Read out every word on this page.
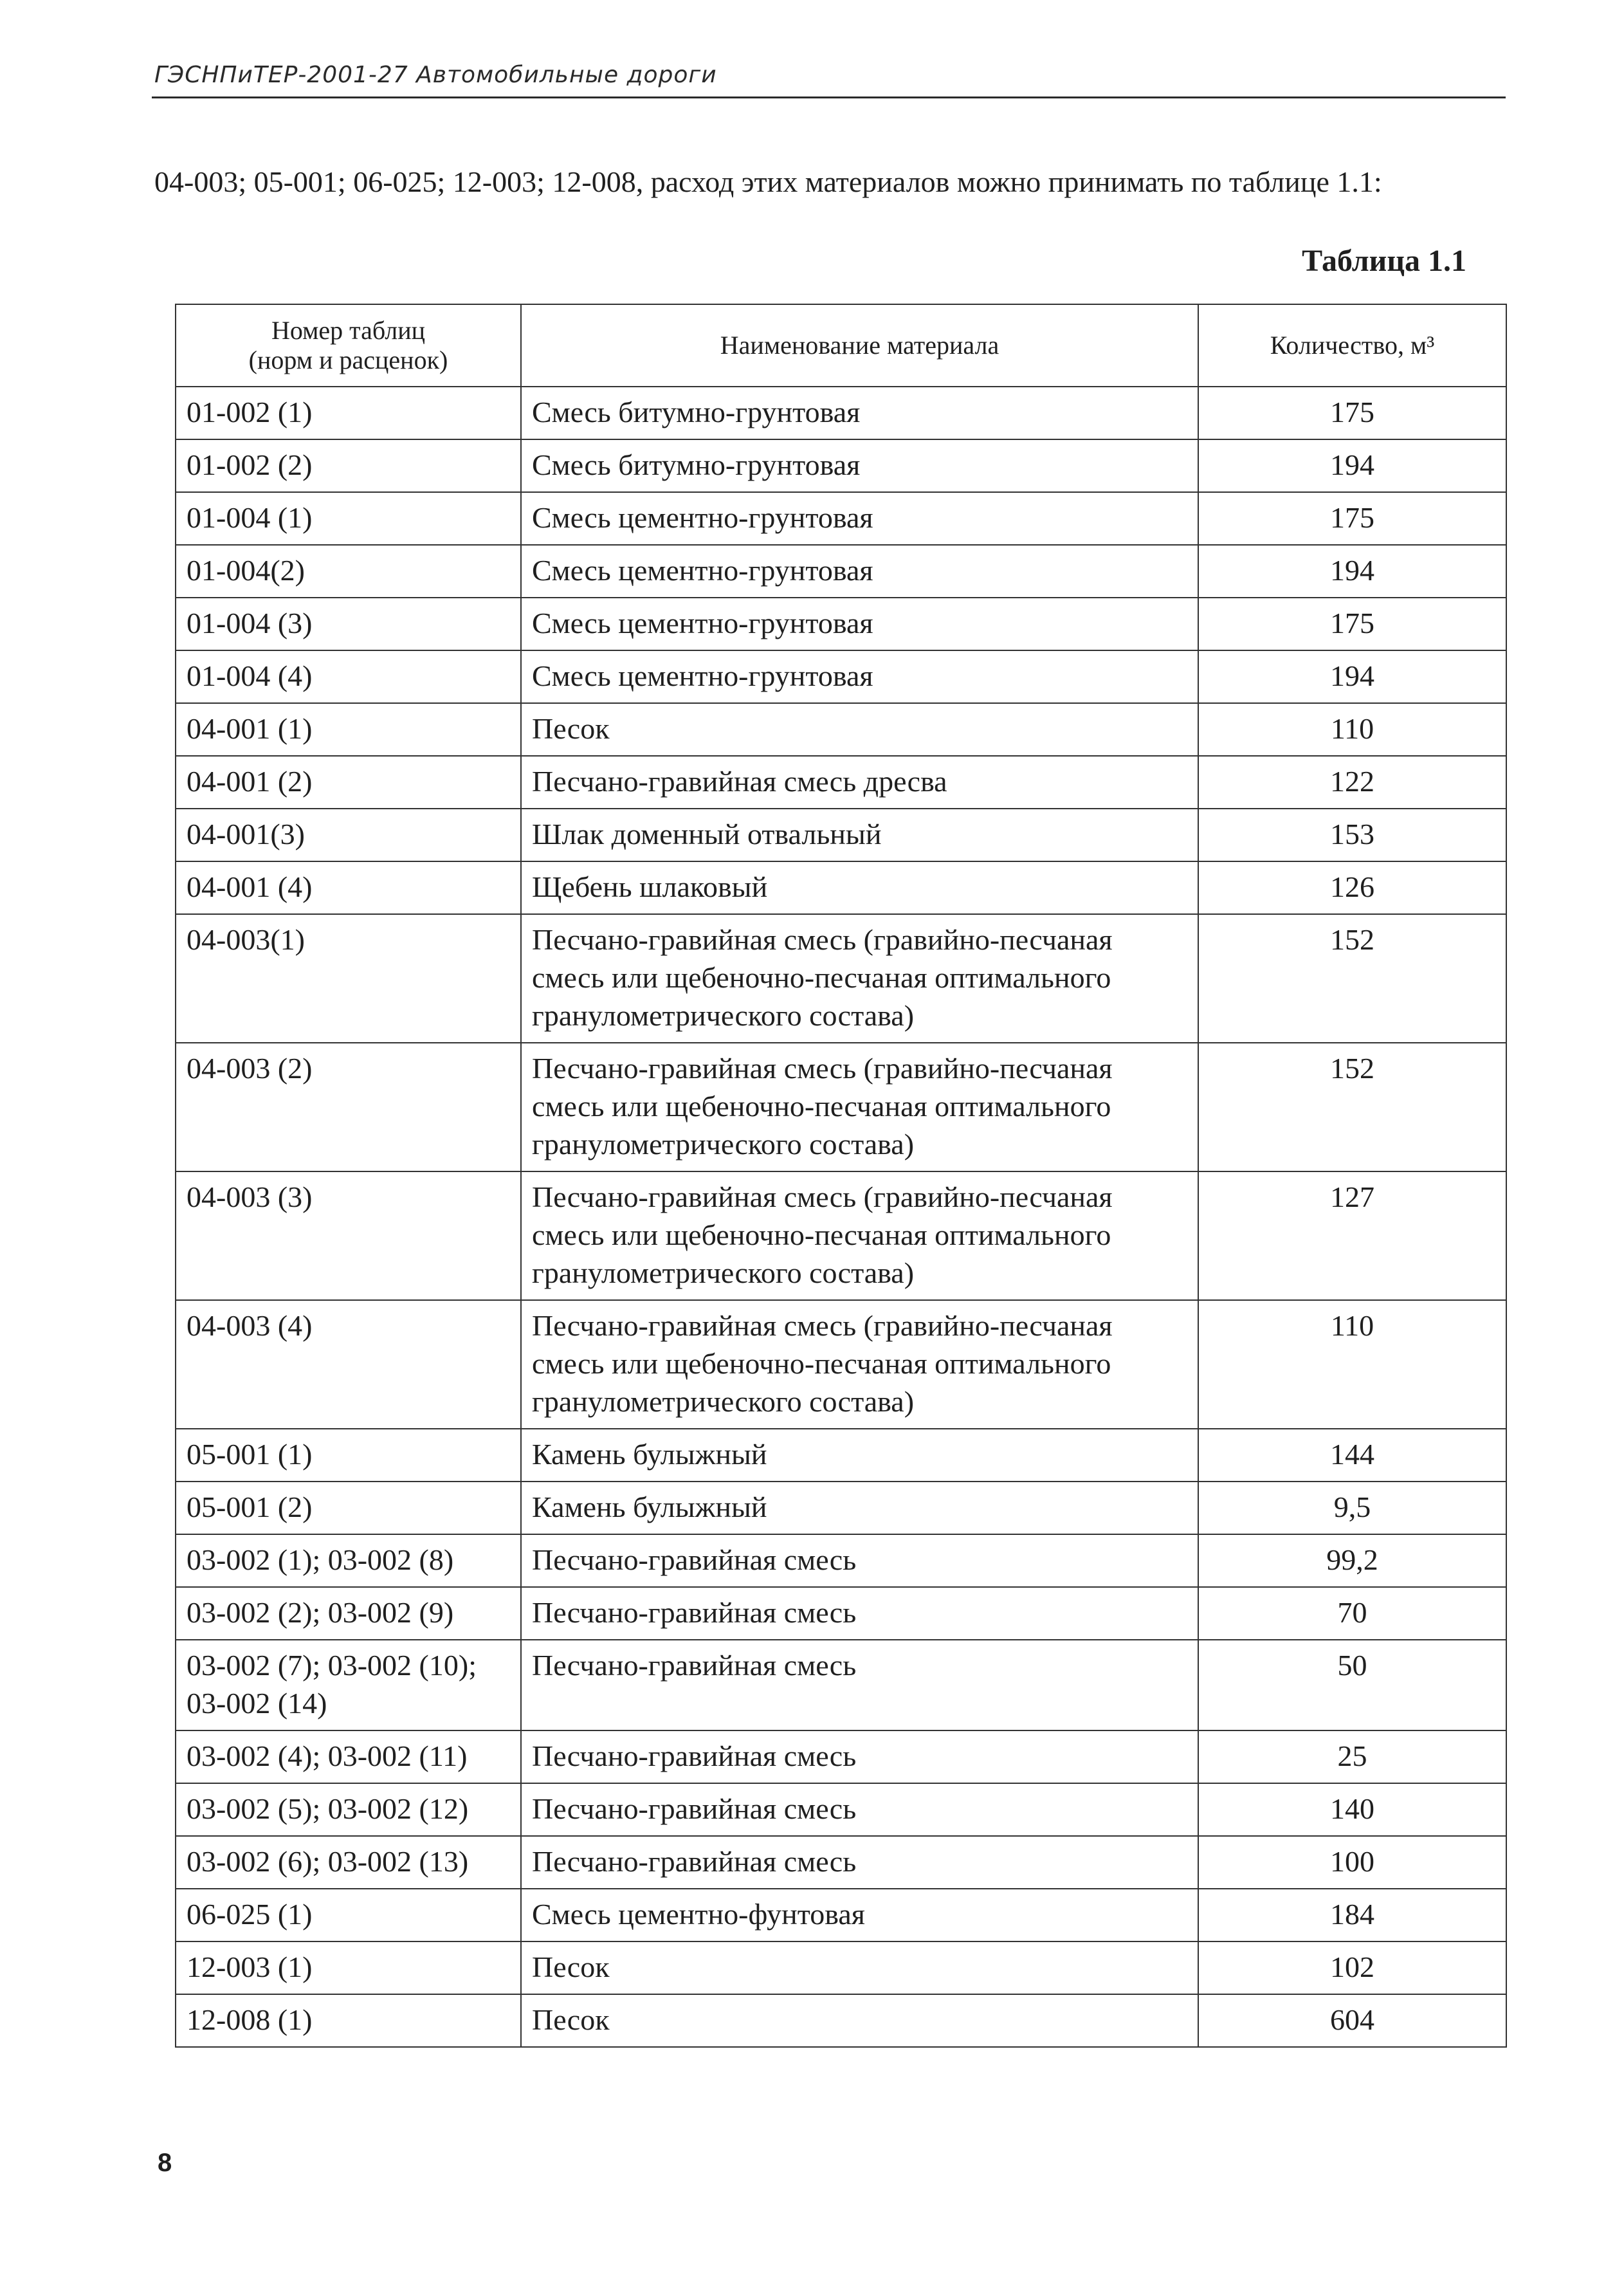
ГЭСНПиТЕР-2001-27 Автомобильные дороги

04-003; 05-001; 06-025; 12-003; 12-008, расход этих материалов можно принимать по таблице 1.1:

Таблица 1.1
Номер таблиц
(норм и расценок)	Наименование материала	Количество, м³
01-002 (1)	Смесь битумно-грунтовая	175
01-002 (2)	Смесь битумно-грунтовая	194
01-004 (1)	Смесь цементно-грунтовая	175
01-004(2)	Смесь цементно-грунтовая	194
01-004 (3)	Смесь цементно-грунтовая	175
01-004 (4)	Смесь цементно-грунтовая	194
04-001 (1)	Песок	110
04-001 (2)	Песчано-гравийная смесь дресва	122
04-001(3)	Шлак доменный отвальный	153
04-001 (4)	Щебень шлаковый	126
04-003(1)	Песчано-гравийная смесь (гравийно-песчаная смесь или щебеночно-песчаная оптимального гранулометрического состава)	152
04-003 (2)	Песчано-гравийная смесь (гравийно-песчаная смесь или щебеночно-песчаная оптимального гранулометрического состава)	152
04-003 (3)	Песчано-гравийная смесь (гравийно-песчаная смесь или щебеночно-песчаная оптимального гранулометрического состава)	127
04-003 (4)	Песчано-гравийная смесь (гравийно-песчаная смесь или щебеночно-песчаная оптимального гранулометрического состава)	110
05-001 (1)	Камень булыжный	144
05-001 (2)	Камень булыжный	9,5
03-002 (1); 03-002 (8)	Песчано-гравийная смесь	99,2
03-002 (2); 03-002 (9)	Песчано-гравийная смесь	70
03-002 (7); 03-002 (10); 03-002 (14)	Песчано-гравийная смесь	50
03-002 (4); 03-002 (11)	Песчано-гравийная смесь	25
03-002 (5); 03-002 (12)	Песчано-гравийная смесь	140
03-002 (6); 03-002 (13)	Песчано-гравийная смесь	100
06-025 (1)	Смесь цементно-фунтовая	184
12-003 (1)	Песок	102
12-008 (1)	Песок	604
8
